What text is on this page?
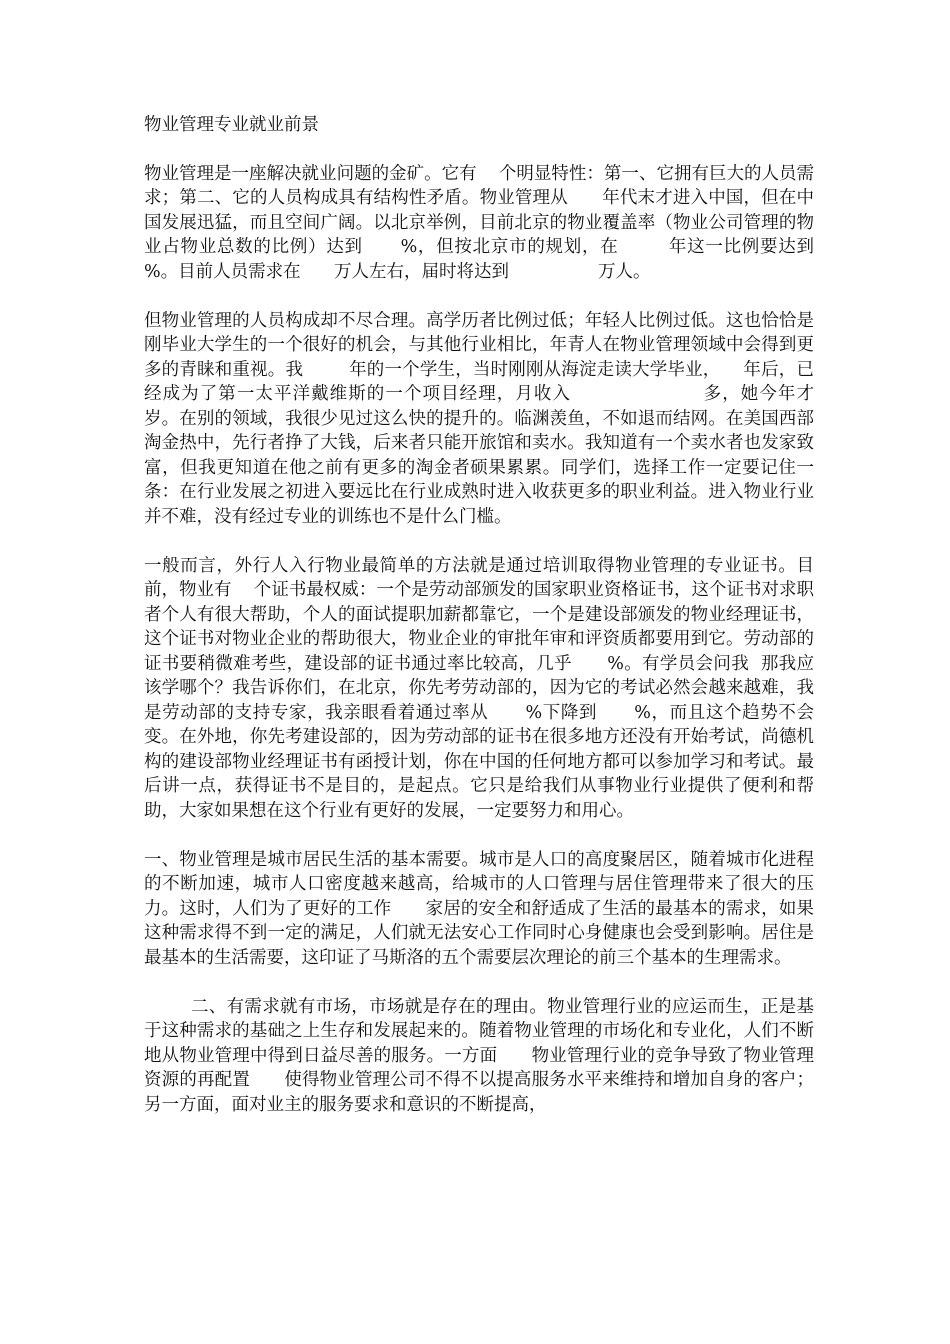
物业管理专业就业前景

物业管理是一座解决就业问题的金矿。它有    个明显特性：第一、它拥有巨大的人员需求；第二、它的人员构成具有结构性矛盾。物业管理从      年代末才进入中国，但在中国发展迅猛，而且空间广阔。以北京举例，目前北京的物业覆盖率（物业公司管理的物业占物业总数的比例）达到      %，但按北京市的规划，在        年这一比例要达到      %。目前人员需求在      万人左右，届时将达到                万人。

但物业管理的人员构成却不尽合理。高学历者比例过低；年轻人比例过低。这也恰恰是刚毕业大学生的一个很好的机会，与其他行业相比，年青人在物业管理领域中会得到更多的青睐和重视。我        年的一个学生，当时刚刚从海淀走读大学毕业，    年后，已经成为了第一太平洋戴维斯的一个项目经理，月收入                    多，她今年才      岁。在别的领域，我很少见过这么快的提升的。临渊羡鱼，不如退而结网。在美国西部淘金热中，先行者挣了大钱，后来者只能开旅馆和卖水。我知道有一个卖水者也发家致富，但我更知道在他之前有更多的淘金者硕果累累。同学们，选择工作一定要记住一条：在行业发展之初进入要远比在行业成熟时进入收获更多的职业利益。进入物业行业并不难，没有经过专业的训练也不是什么门槛。

一般而言，外行人入行物业最简单的方法就是通过培训取得物业管理的专业证书。目前，物业有    个证书最权威：一个是劳动部颁发的国家职业资格证书，这个证书对求职者个人有很大帮助，个人的面试提职加薪都靠它，一个是建设部颁发的物业经理证书，这个证书对物业企业的帮助很大，物业企业的审批年审和评资质都要用到它。劳动部的证书要稍微难考些，建设部的证书通过率比较高，几乎      %。有学员会问我  那我应该学哪个？我告诉你们，在北京，你先考劳动部的，因为它的考试必然会越来越难，我是劳动部的支持专家，我亲眼看着通过率从      %下降到      %，而且这个趋势不会变。在外地，你先考建设部的，因为劳动部的证书在很多地方还没有开始考试，尚德机构的建设部物业经理证书有函授计划，你在中国的任何地方都可以参加学习和考试。最后讲一点，获得证书不是目的，是起点。它只是给我们从事物业行业提供了便利和帮助，大家如果想在这个行业有更好的发展，一定要努力和用心。

一、物业管理是城市居民生活的基本需要。城市是人口的高度聚居区，随着城市化进程的不断加速，城市人口密度越来越高，给城市的人口管理与居住管理带来了很大的压力。这时，人们为了更好的工作      家居的安全和舒适成了生活的最基本的需求，如果这种需求得不到一定的满足，人们就无法安心工作同时心身健康也会受到影响。居住是最基本的生活需要，这印证了马斯洛的五个需要层次理论的前三个基本的生理需求。

二、有需求就有市场，市场就是存在的理由。物业管理行业的应运而生，正是基于这种需求的基础之上生存和发展起来的。随着物业管理的市场化和专业化，人们不断地从物业管理中得到日益尽善的服务。一方面      物业管理行业的竞争导致了物业管理资源的再配置      使得物业管理公司不得不以提高服务水平来维持和增加自身的客户；另一方面，面对业主的服务要求和意识的不断提高，
